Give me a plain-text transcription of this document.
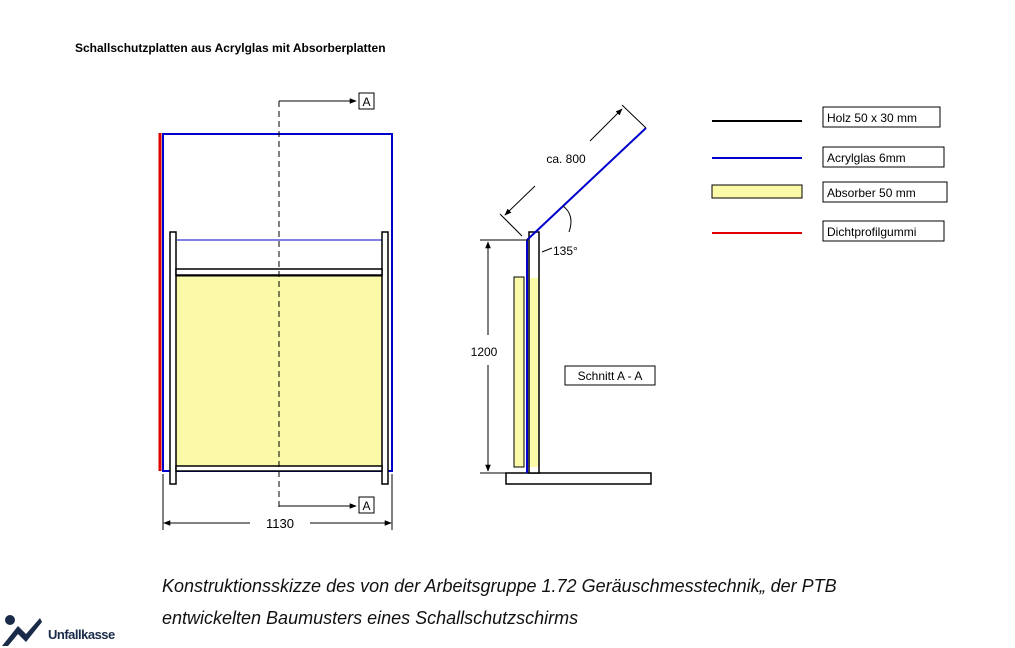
Schallschutzplatten aus Acrylglas mit Absorberplatten
A
A
1130
ca. 800
135°
1200
Schnitt A - A
Holz 50 x 30 mm
Acrylglas 6mm
Absorber 50 mm
Dichtprofilgummi
Konstruktionsskizze des von der Arbeitsgruppe 1.72 Geräuschmesstechnik„ der PTB
entwickelten Baumusters eines Schallschutzschirms
Unfallkasse
